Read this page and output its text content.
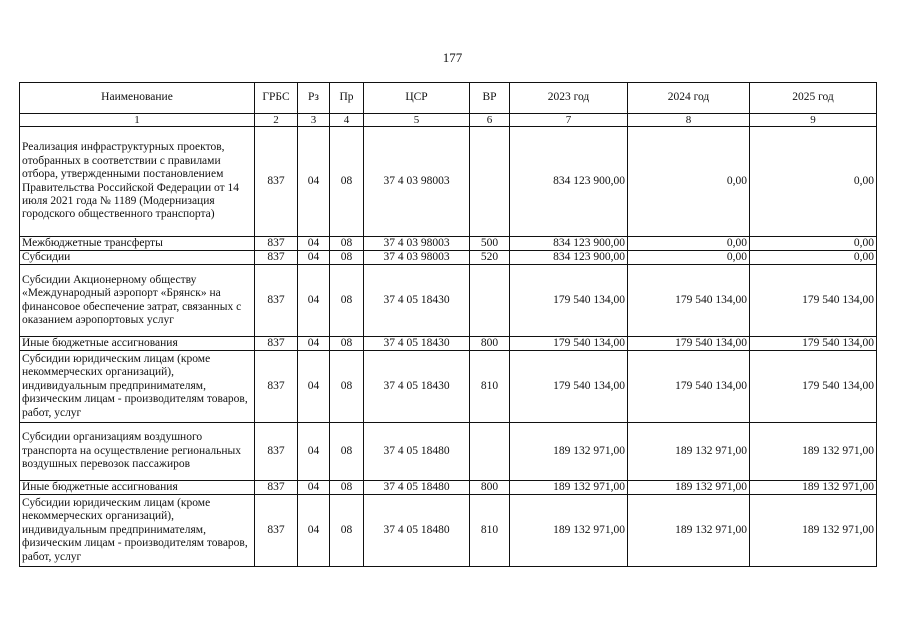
177
Наименование	ГРБС	Рз	Пр	ЦСР	ВР	2023 год	2024 год	2025 год
1	2	3	4	5	6	7	8	9
Реализация инфраструктурных проектов, отобранных в соответствии с правилами отбора, утвержденными постановлением Правительства Российской Федерации от 14 июля 2021 года № 1189 (Модернизация городского общественного транспорта)	837	04	08	37 4 03 98003		834 123 900,00	0,00	0,00
Межбюджетные трансферты	837	04	08	37 4 03 98003	500	834 123 900,00	0,00	0,00
Субсидии	837	04	08	37 4 03 98003	520	834 123 900,00	0,00	0,00
Субсидии Акционерному обществу «Международный аэропорт «Брянск» на финансовое обеспечение затрат, связанных с оказанием аэропортовых услуг	837	04	08	37 4 05 18430		179 540 134,00	179 540 134,00	179 540 134,00
Иные бюджетные ассигнования	837	04	08	37 4 05 18430	800	179 540 134,00	179 540 134,00	179 540 134,00
Субсидии юридическим лицам (кроме некоммерческих организаций), индивидуальным предпринимателям, физическим лицам - производителям товаров, работ, услуг	837	04	08	37 4 05 18430	810	179 540 134,00	179 540 134,00	179 540 134,00
Субсидии организациям воздушного транспорта на осуществление региональных воздушных перевозок пассажиров	837	04	08	37 4 05 18480		189 132 971,00	189 132 971,00	189 132 971,00
Иные бюджетные ассигнования	837	04	08	37 4 05 18480	800	189 132 971,00	189 132 971,00	189 132 971,00
Субсидии юридическим лицам (кроме некоммерческих организаций), индивидуальным предпринимателям, физическим лицам - производителям товаров, работ, услуг	837	04	08	37 4 05 18480	810	189 132 971,00	189 132 971,00	189 132 971,00
